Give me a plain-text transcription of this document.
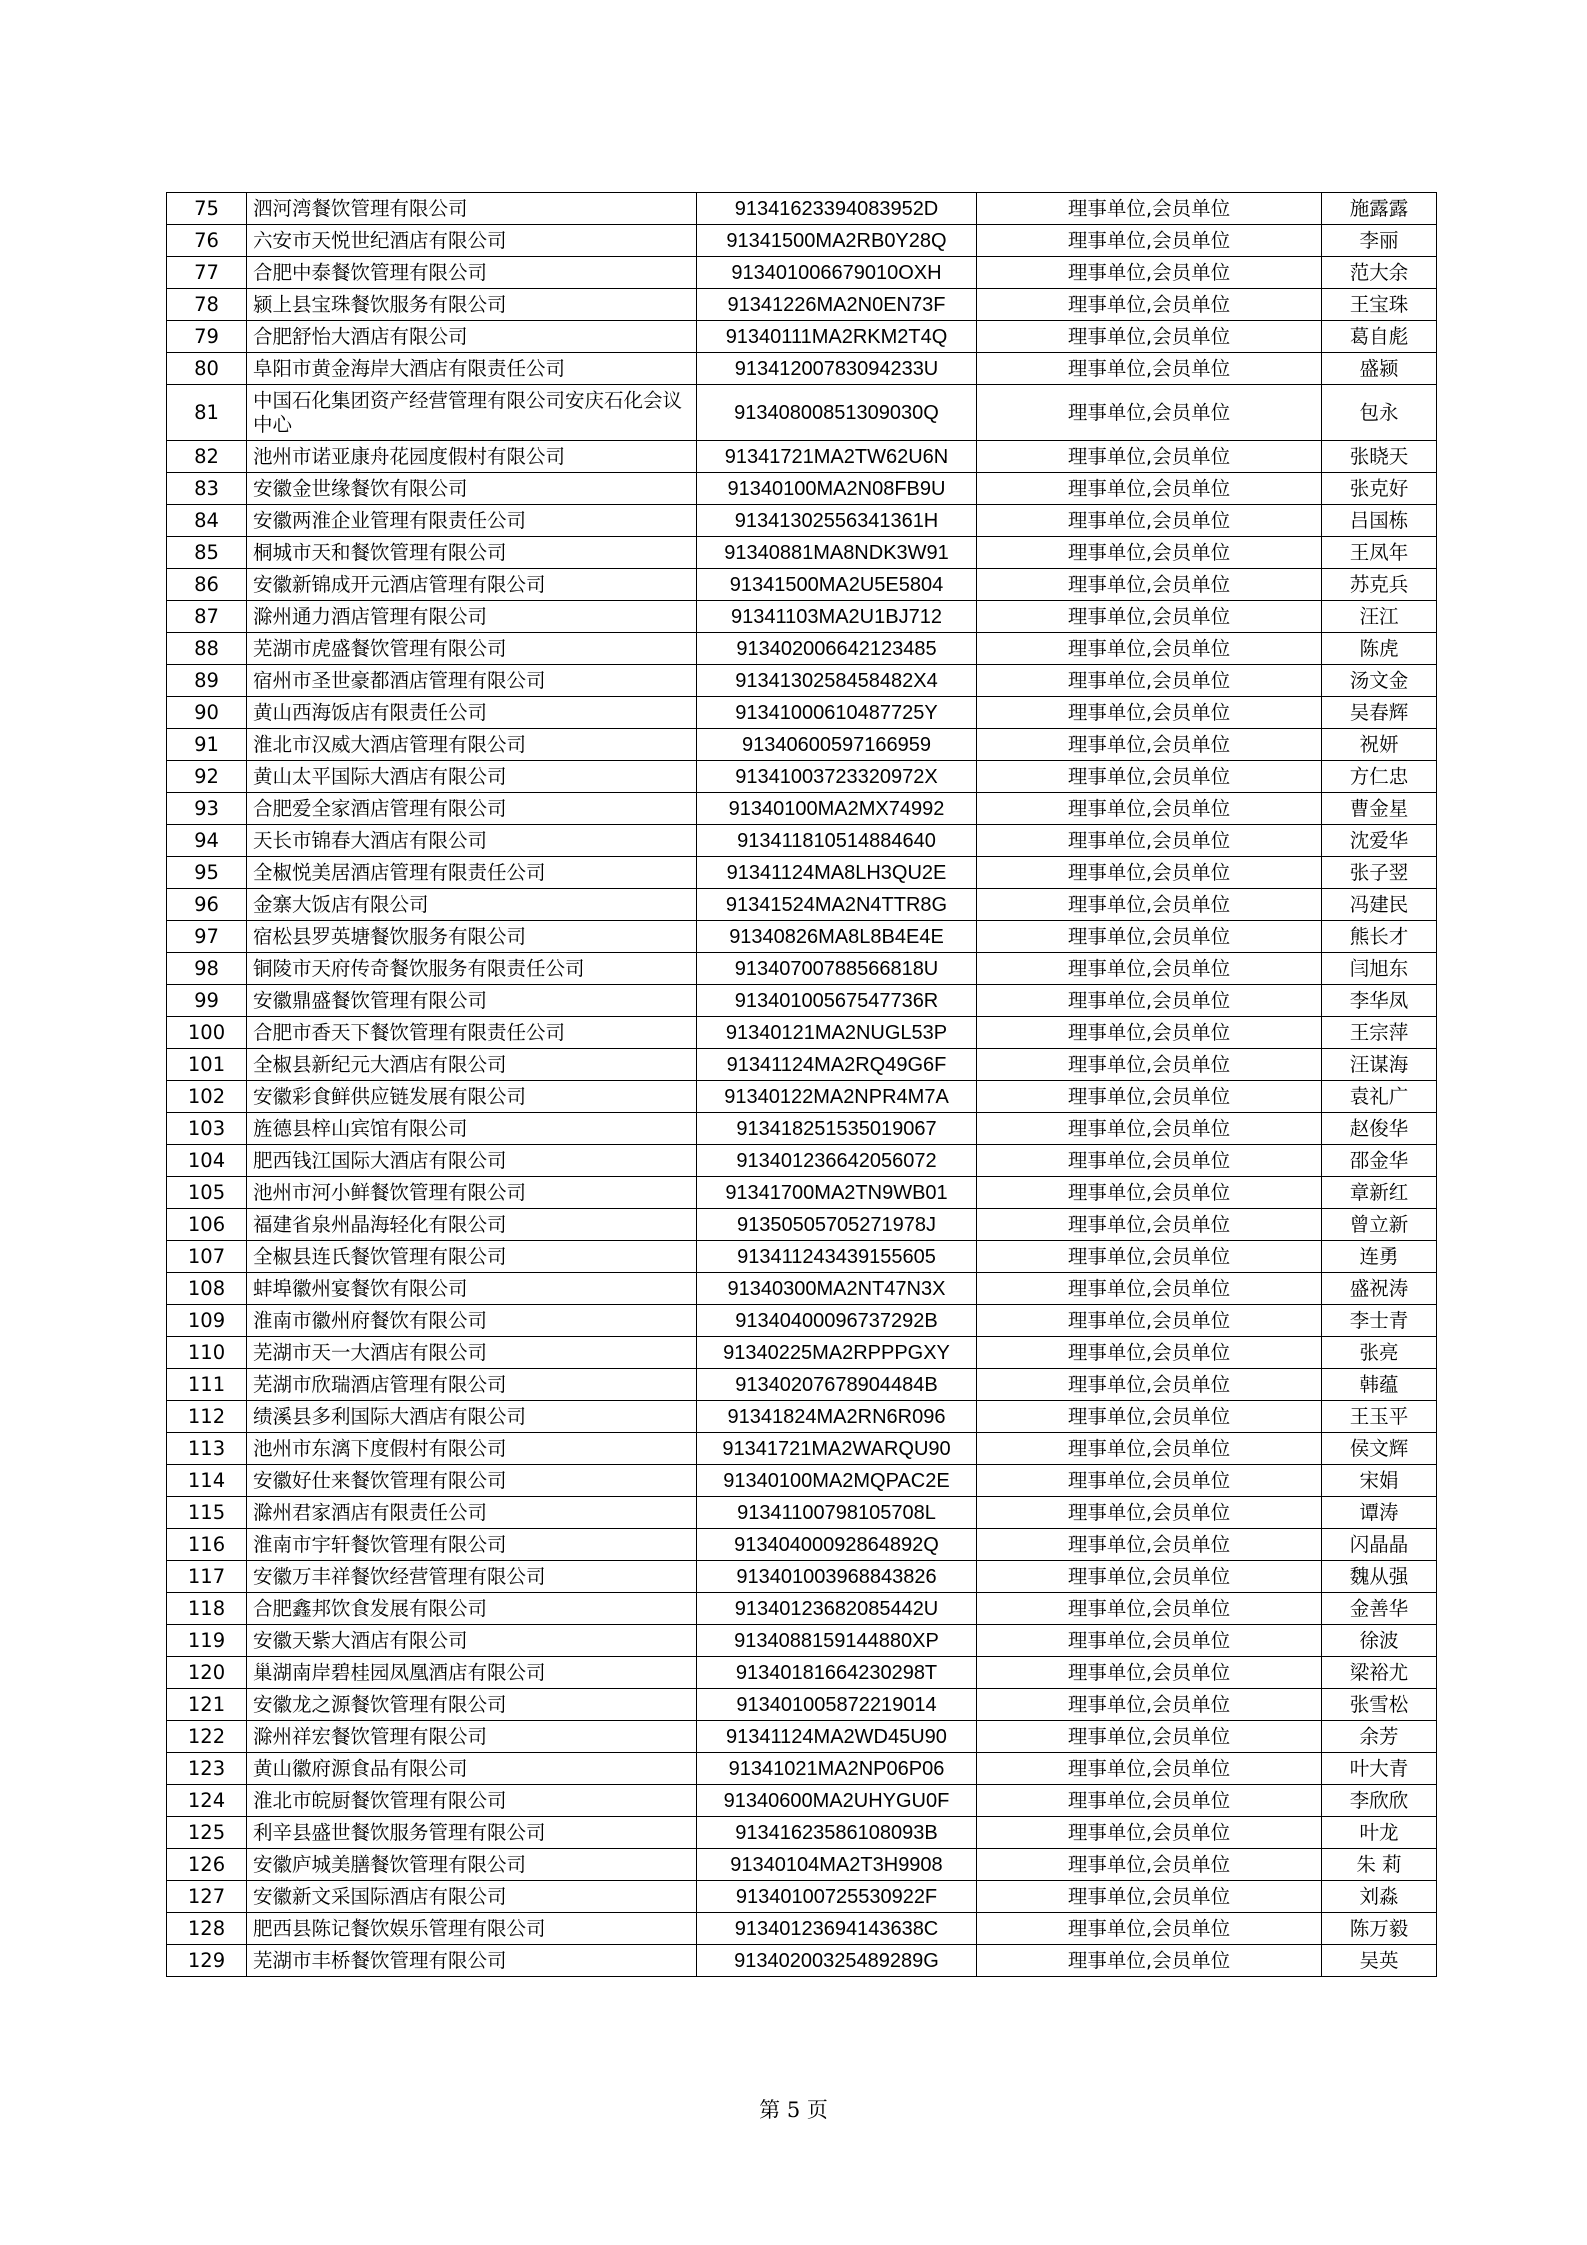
75	泗河湾餐饮管理有限公司	91341623394083952D	理事单位,会员单位	施露露
76	六安市天悦世纪酒店有限公司	91341500MA2RB0Y28Q	理事单位,会员单位	李丽
77	合肥中泰餐饮管理有限公司	913401006679010OXH	理事单位,会员单位	范大余
78	颍上县宝珠餐饮服务有限公司	91341226MA2N0EN73F	理事单位,会员单位	王宝珠
79	合肥舒怡大酒店有限公司	91340111MA2RKM2T4Q	理事单位,会员单位	葛自彪
80	阜阳市黄金海岸大酒店有限责任公司	91341200783094233U	理事单位,会员单位	盛颍
81	中国石化集团资产经营管理有限公司安庆石化会议中心	91340800851309030Q	理事单位,会员单位	包永
82	池州市诺亚康舟花园度假村有限公司	91341721MA2TW62U6N	理事单位,会员单位	张晓天
83	安徽金世缘餐饮有限公司	91340100MA2N08FB9U	理事单位,会员单位	张克好
84	安徽两淮企业管理有限责任公司	91341302556341361H	理事单位,会员单位	吕国栋
85	桐城市天和餐饮管理有限公司	91340881MA8NDK3W91	理事单位,会员单位	王凤年
86	安徽新锦成开元酒店管理有限公司	91341500MA2U5E5804	理事单位,会员单位	苏克兵
87	滁州通力酒店管理有限公司	91341103MA2U1BJ712	理事单位,会员单位	汪江
88	芜湖市虎盛餐饮管理有限公司	913402006642123485	理事单位,会员单位	陈虎
89	宿州市圣世豪都酒店管理有限公司	91341302584584​82X4	理事单位,会员单位	汤文金
90	黄山西海饭店有限责任公司	91341000610487725Y	理事单位,会员单位	吴春辉
91	淮北市汉威大酒店管理有限公司	91340600597166959	理事单位,会员单位	祝妍
92	黄山太平国际大酒店有限公司	91341003723320972X	理事单位,会员单位	方仁忠
93	合肥爱全家酒店管理有限公司	91340100MA2MX74992	理事单位,会员单位	曹金星
94	天长市锦春大酒店有限公司	91341181051488464​0	理事单位,会员单位	沈爱华
95	全椒悦美居酒店管理有限责任公司	91341124MA8LH3QU2E	理事单位,会员单位	张子翌
96	金寨大饭店有限公司	91341524MA2N4TTR8G	理事单位,会员单位	冯建民
97	宿松县罗英塘餐饮服务有限公司	91340826MA8L8B4E4E	理事单位,会员单位	熊长才
98	铜陵市天府传奇餐饮服务有限责任公司	91340700788566818U	理事单位,会员单位	闫旭东
99	安徽鼎盛餐饮管理有限公司	91340100567547736R	理事单位,会员单位	李华凤
100	合肥市香天下餐饮管理有限责任公司	91340121MA2NUGL53P	理事单位,会员单位	王宗萍
101	全椒县新纪元大酒店有限公司	91341124MA2RQ49G6F	理事单位,会员单位	汪谋海
102	安徽彩食鲜供应链发展有限公司	91340122MA2NPR4M7A	理事单位,会员单位	袁礼广
103	旌德县梓山宾馆有限公司	91341825153501​9067	理事单位,会员单位	赵俊华
104	肥西钱江国际大酒店有限公司	913401236642056072	理事单位,会员单位	邵金华
105	池州市河小鲜餐饮管理有限公司	91341700MA2TN9WB01	理事单位,会员单位	章新红
106	福建省泉州晶海轻化有限公司	91350505705271978J	理事单位,会员单位	曾立新
107	全椒县连氏餐饮管理有限公司	913411243439155605	理事单位,会员单位	连勇
108	蚌埠徽州宴餐饮有限公司	91340300MA2NT47N3X	理事单位,会员单位	盛祝涛
109	淮南市徽州府餐饮有限公司	91340400096737292B	理事单位,会员单位	李士青
110	芜湖市天一大酒店有限公司	91340225MA2RPPPGXY	理事单位,会员单位	张亮
111	芜湖市欣瑞酒店管理有限公司	91340207678904484B	理事单位,会员单位	韩蕴
112	绩溪县多利国际大酒店有限公司	91341824MA2RN6R096	理事单位,会员单位	王玉平
113	池州市东漓下度假村有限公司	91341721MA2WARQU90	理事单位,会员单位	侯文辉
114	安徽好仕来餐饮管理有限公司	91340100MA2MQPAC2E	理事单位,会员单位	宋娟
115	滁州君家酒店有限责任公司	91341100798105708L	理事单位,会员单位	谭涛
116	淮南市宇轩餐饮管理有限公司	91340400092864892Q	理事单位,会员单位	闪晶晶
117	安徽万丰祥餐饮经营管理有限公司	913401003968843826	理事单位,会员单位	魏从强
118	合肥鑫邦饮食发展有限公司	91340123682085442U	理事单位,会员单位	金善华
119	安徽天紫大酒店有限公司	913408815914488​0XP	理事单位,会员单位	徐波
120	巢湖南岸碧桂园凤凰酒店有限公司	91340181664230298T	理事单位,会员单位	梁裕尤
121	安徽龙之源餐饮管理有限公司	913401005872219014	理事单位,会员单位	张雪松
122	滁州祥宏餐饮管理有限公司	91341124MA2WD45U90	理事单位,会员单位	余芳
123	黄山徽府源食品有限公司	91341021MA2NP06P06	理事单位,会员单位	叶大青
124	淮北市皖厨餐饮管理有限公司	91340600MA2UHYGU0F	理事单位,会员单位	李欣欣
125	利辛县盛世餐饮服务管理有限公司	91341623586108093B	理事单位,会员单位	叶龙
126	安徽庐城美膳餐饮管理有限公司	91340104MA2T3H9908	理事单位,会员单位	朱 莉
127	安徽新文采国际酒店有限公司	91340100725530922F	理事单位,会员单位	刘淼
128	肥西县陈记餐饮娱乐管理有限公司	91340123694143638C	理事单位,会员单位	陈万毅
129	芜湖市丰桥餐饮管理有限公司	91340200325489289G	理事单位,会员单位	吴英
第 5 页
